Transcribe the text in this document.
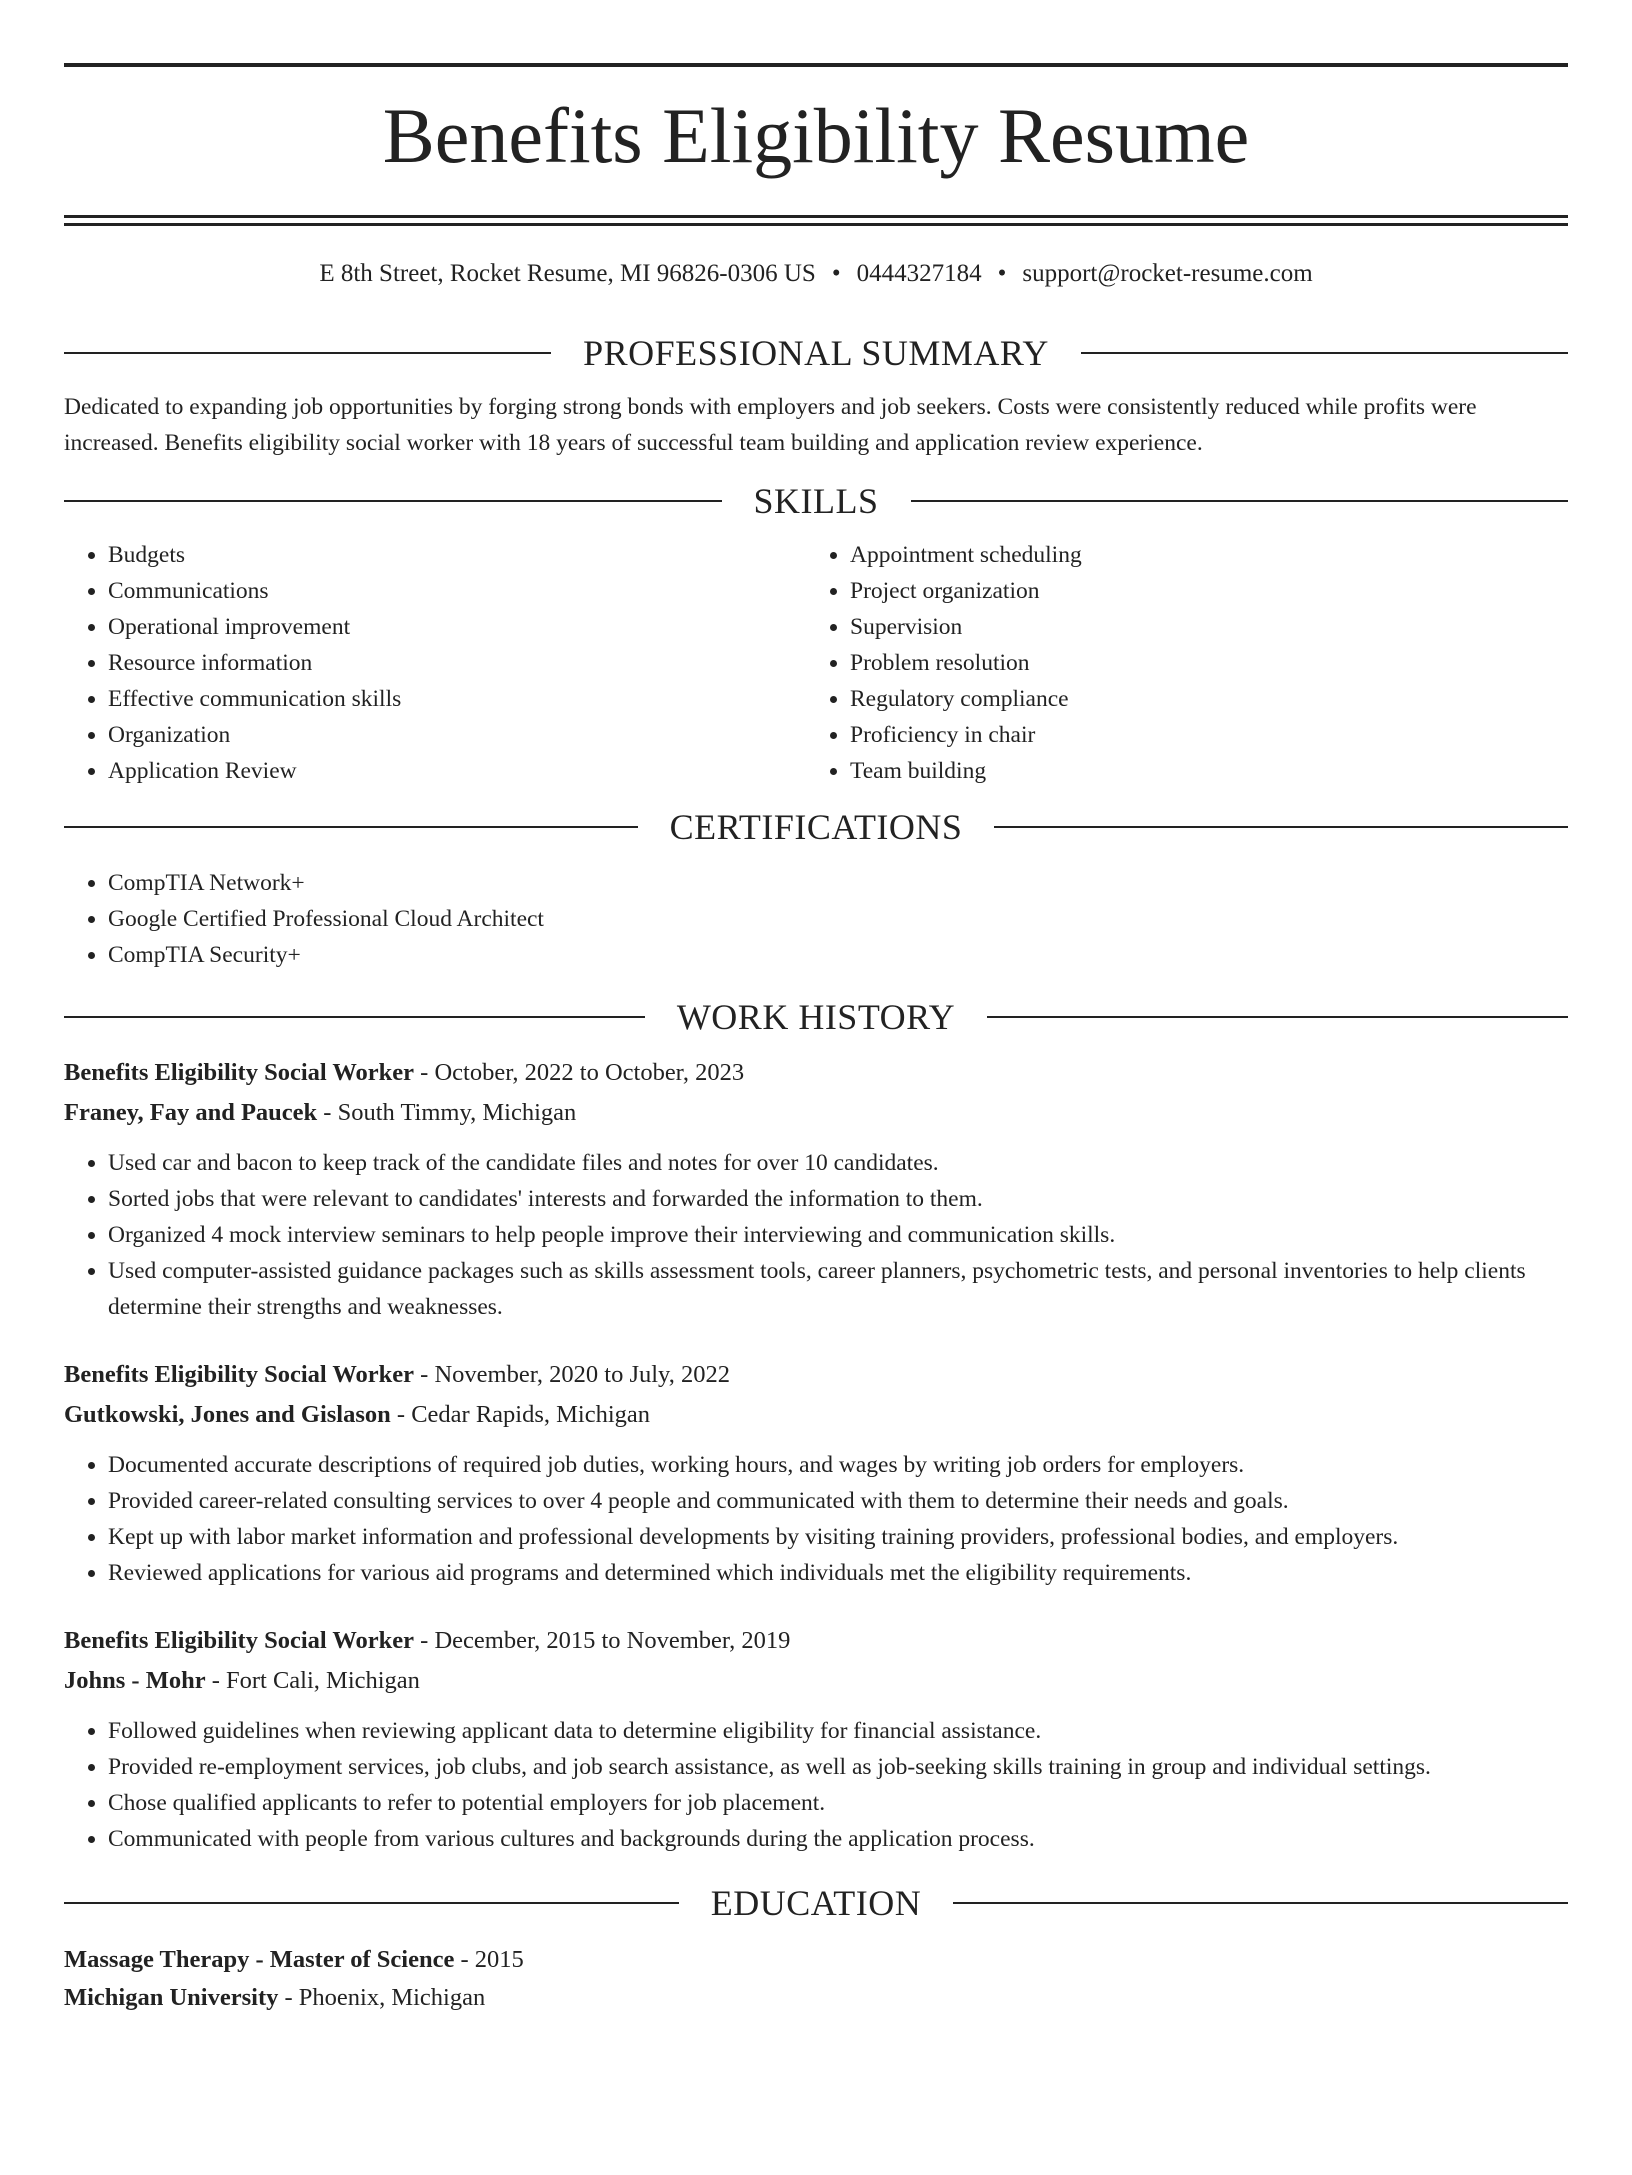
Benefits Eligibility Resume
E 8th Street, Rocket Resume, MI 96826-0306 US • 0444327184 • support@rocket-resume.com
PROFESSIONAL SUMMARY
Dedicated to expanding job opportunities by forging strong bonds with employers and job seekers. Costs were consistently reduced while profits were increased. Benefits eligibility social worker with 18 years of successful team building and application review experience.
SKILLS
• Budgets
• Communications
• Operational improvement
• Resource information
• Effective communication skills
• Organization
• Application Review
• Appointment scheduling
• Project organization
• Supervision
• Problem resolution
• Regulatory compliance
• Proficiency in chair
• Team building
CERTIFICATIONS
• CompTIA Network+
• Google Certified Professional Cloud Architect
• CompTIA Security+
WORK HISTORY
Benefits Eligibility Social Worker - October, 2022 to October, 2023
Franey, Fay and Paucek - South Timmy, Michigan
• Used car and bacon to keep track of the candidate files and notes for over 10 candidates.
• Sorted jobs that were relevant to candidates' interests and forwarded the information to them.
• Organized 4 mock interview seminars to help people improve their interviewing and communication skills.
• Used computer-assisted guidance packages such as skills assessment tools, career planners, psychometric tests, and personal inventories to help clients determine their strengths and weaknesses.
Benefits Eligibility Social Worker - November, 2020 to July, 2022
Gutkowski, Jones and Gislason - Cedar Rapids, Michigan
• Documented accurate descriptions of required job duties, working hours, and wages by writing job orders for employers.
• Provided career-related consulting services to over 4 people and communicated with them to determine their needs and goals.
• Kept up with labor market information and professional developments by visiting training providers, professional bodies, and employers.
• Reviewed applications for various aid programs and determined which individuals met the eligibility requirements.
Benefits Eligibility Social Worker - December, 2015 to November, 2019
Johns - Mohr - Fort Cali, Michigan
• Followed guidelines when reviewing applicant data to determine eligibility for financial assistance.
• Provided re-employment services, job clubs, and job search assistance, as well as job-seeking skills training in group and individual settings.
• Chose qualified applicants to refer to potential employers for job placement.
• Communicated with people from various cultures and backgrounds during the application process.
EDUCATION
Massage Therapy - Master of Science - 2015
Michigan University - Phoenix, Michigan
